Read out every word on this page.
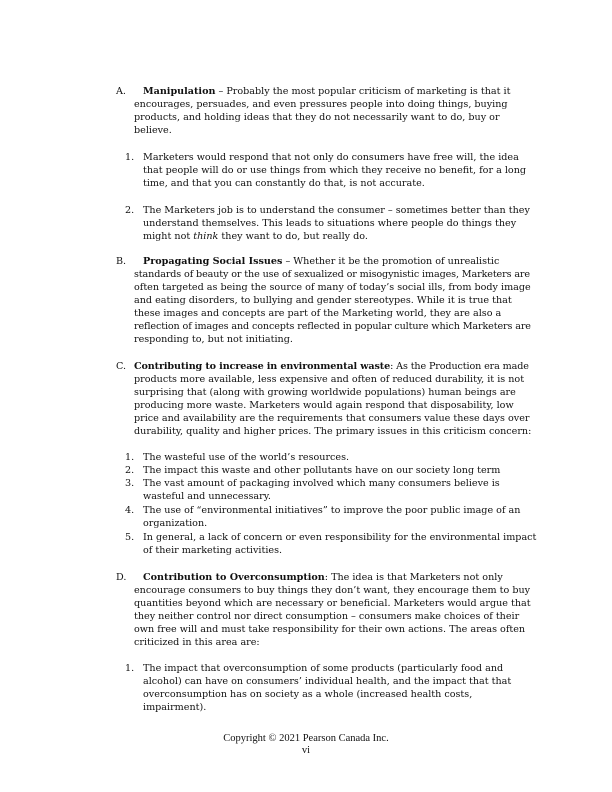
A. Manipulation – Probably the most popular criticism of marketing is that it
encourages, persuades, and even pressures people into doing things, buying
products, and holding ideas that they do not necessarily want to do, buy or
believe.
1. Marketers would respond that not only do consumers have free will, the idea
that people will do or use things from which they receive no benefit, for a long
time, and that you can constantly do that, is not accurate.
2. The Marketers job is to understand the consumer – sometimes better than they
understand themselves. This leads to situations where people do things they
might not think they want to do, but really do.
B. Propagating Social Issues – Whether it be the promotion of unrealistic
standards of beauty or the use of sexualized or misogynistic images, Marketers are
often targeted as being the source of many of today’s social ills, from body image
and eating disorders, to bullying and gender stereotypes. While it is true that
these images and concepts are part of the Marketing world, they are also a
reflection of images and concepts reflected in popular culture which Marketers are
responding to, but not initiating.
C. Contributing to increase in environmental waste: As the Production era made
products more available, less expensive and often of reduced durability, it is not
surprising that (along with growing worldwide populations) human beings are
producing more waste. Marketers would again respond that disposability, low
price and availability are the requirements that consumers value these days over
durability, quality and higher prices. The primary issues in this criticism concern:
1. The wasteful use of the world’s resources.
2. The impact this waste and other pollutants have on our society long term
3. The vast amount of packaging involved which many consumers believe is
wasteful and unnecessary.
4. The use of “environmental initiatives” to improve the poor public image of an
organization.
5. In general, a lack of concern or even responsibility for the environmental impact
of their marketing activities.
D. Contribution to Overconsumption: The idea is that Marketers not only
encourage consumers to buy things they don’t want, they encourage them to buy
quantities beyond which are necessary or beneficial. Marketers would argue that
they neither control nor direct consumption – consumers make choices of their
own free will and must take responsibility for their own actions. The areas often
criticized in this area are:
1. The impact that overconsumption of some products (particularly food and
alcohol) can have on consumers’ individual health, and the impact that that
overconsumption has on society as a whole (increased health costs,
impairment).
Copyright © 2021 Pearson Canada Inc.
vi
